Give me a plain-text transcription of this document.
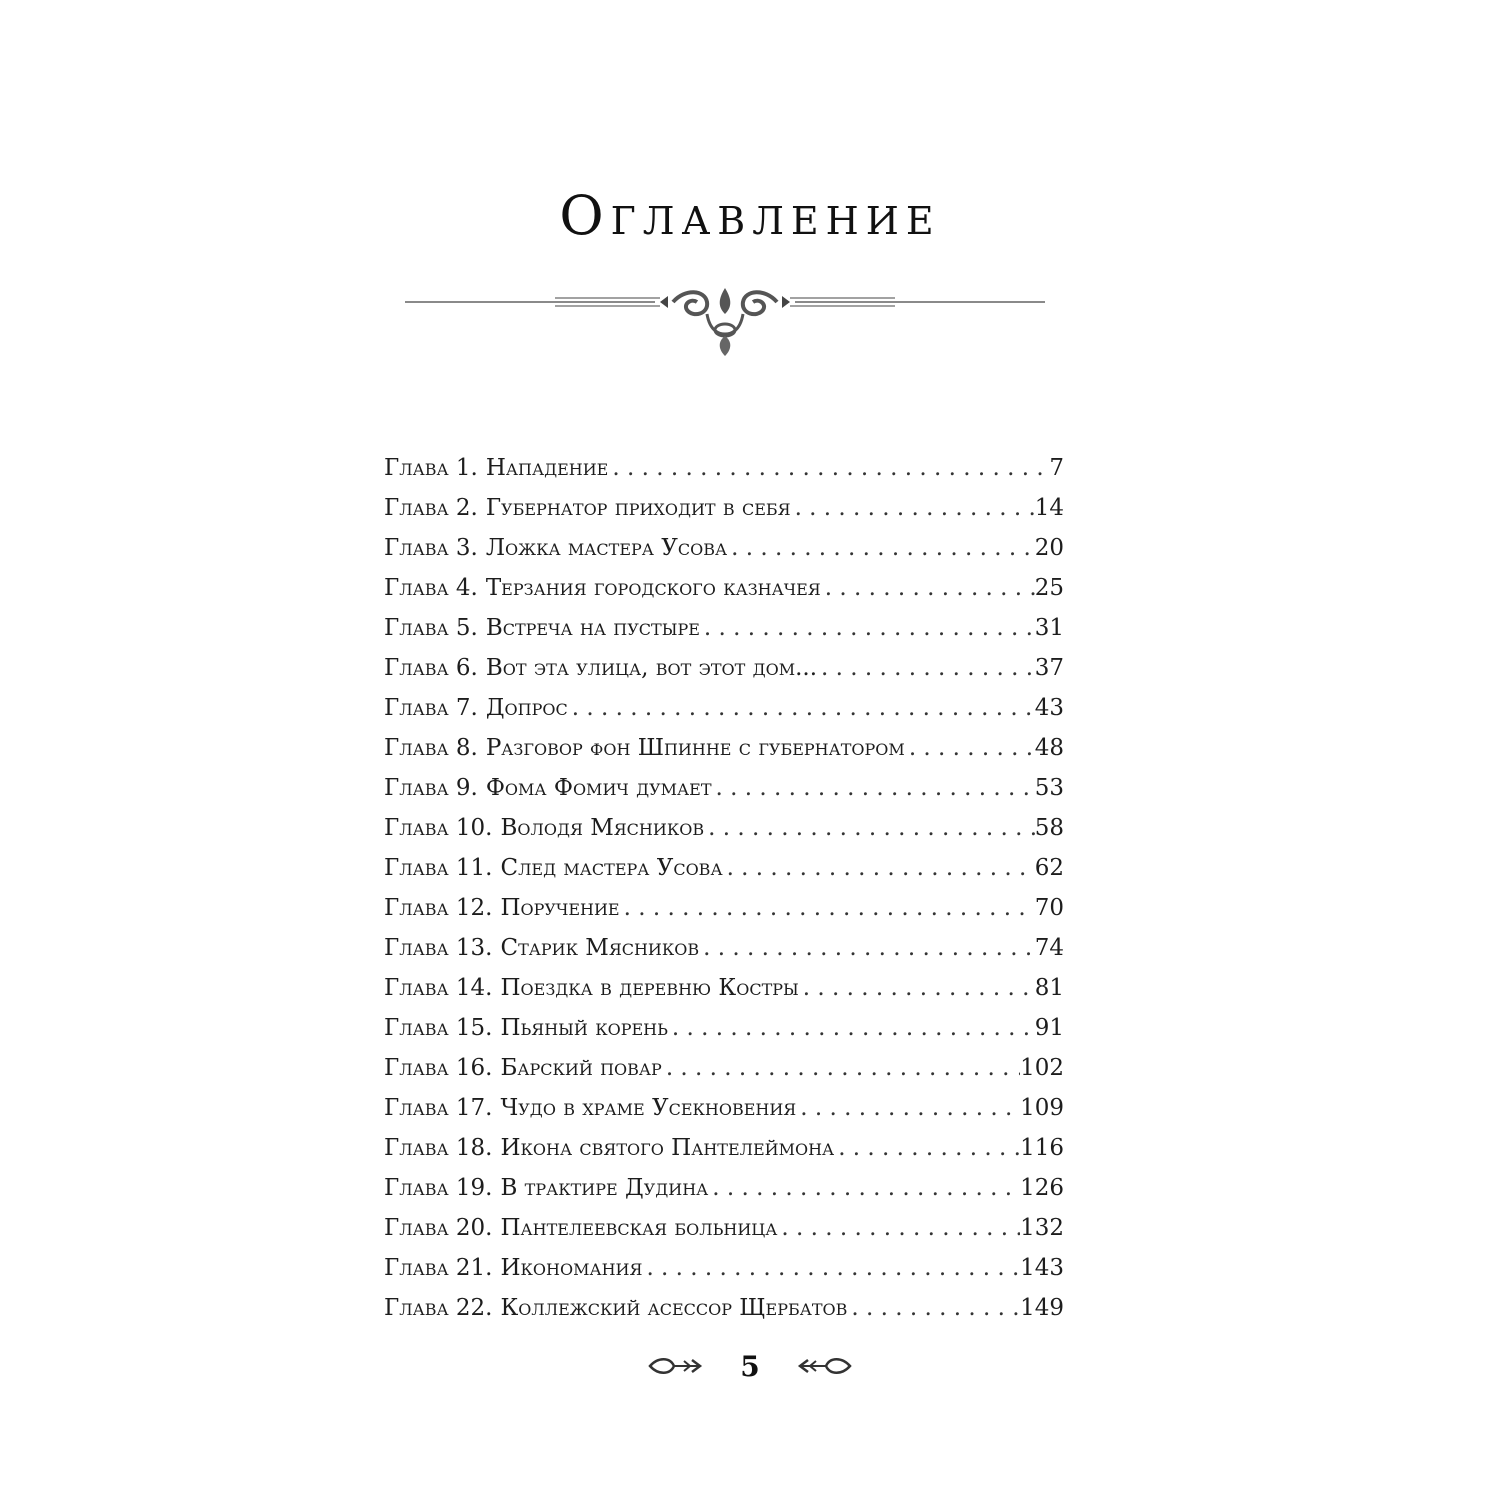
Оглавление
Глава 1. Нападение . . .	7
Глава 2. Губернатор приходит в себя . . .	14
Глава 3. Ложка мастера Усова . . .	20
Глава 4. Терзания городского казначея . . .	25
Глава 5. Встреча на пустыре . . .	31
Глава 6. Вот эта улица, вот этот дом... . . .	37
Глава 7. Допрос . . .	43
Глава 8. Разговор фон Шпинне с губернатором . . .	48
Глава 9. Фома Фомич думает . . .	53
Глава 10. Володя Мясников . . .	58
Глава 11. След мастера Усова . . .	62
Глава 12. Поручение . . .	70
Глава 13. Старик Мясников . . .	74
Глава 14. Поездка в деревню Костры . . .	81
Глава 15. Пьяный корень . . .	91
Глава 16. Барский повар . . .	102
Глава 17. Чудо в храме Усекновения . . .	109
Глава 18. Икона святого Пантелеймона . . .	116
Глава 19. В трактире Дудина . . .	126
Глава 20. Пантелеевская больница . . .	132
Глава 21. Икономания . . .	143
Глава 22. Коллежский асессор Щербатов . . .	149
5
